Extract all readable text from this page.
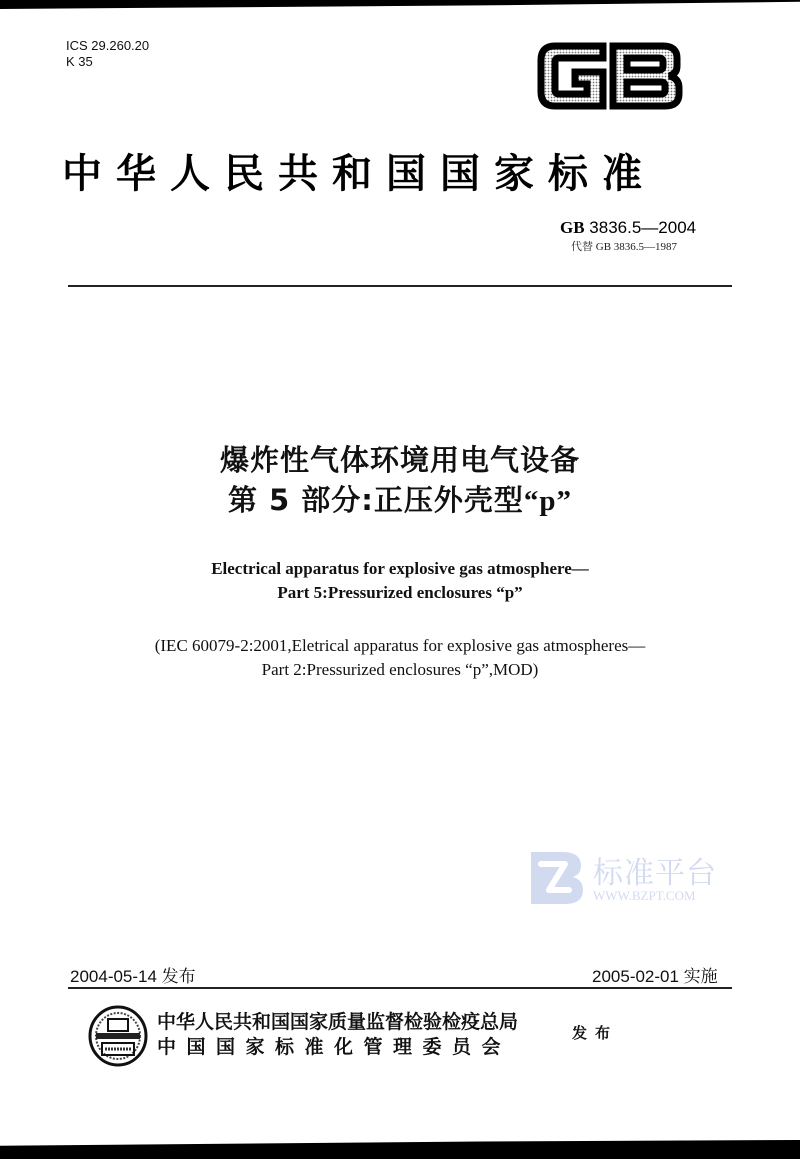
ICS 29.260.20
K 35
中华人民共和国国家标准
GB 3836.5—2004
代替 GB 3836.5—1987
爆炸性气体环境用电气设备
第 5 部分:正压外壳型“p”
Electrical apparatus for explosive gas atmosphere—
Part 5:Pressurized enclosures “p”
(IEC 60079-2:2001,Eletrical apparatus for explosive gas atmospheres—
Part 2:Pressurized enclosures “p”,MOD)
标准平台
WWW.BZPT.COM
2004-05-14 发布	2005-02-01 实施
中华人民共和国国家质量监督检验检疫总局
中国国家标准化管理委员会
发布
